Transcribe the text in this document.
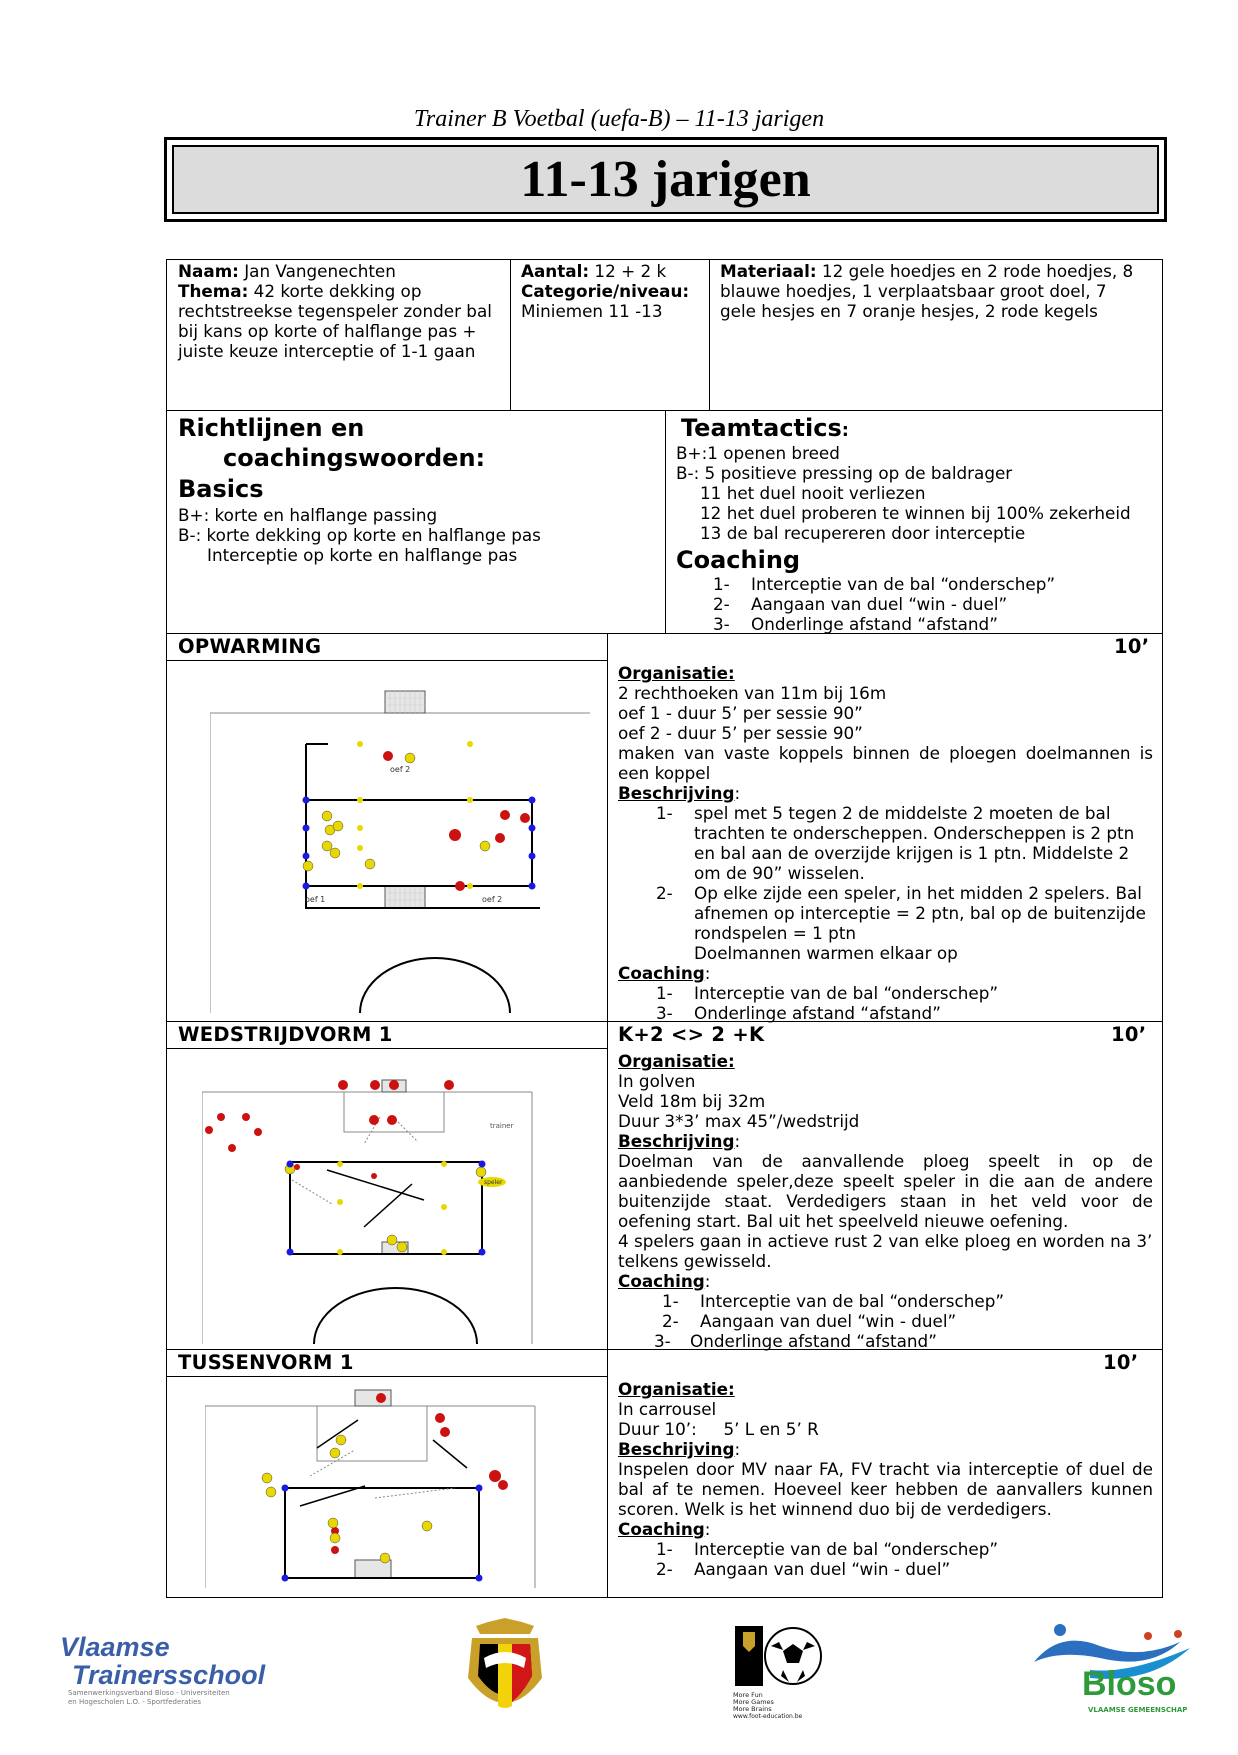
Trainer B Voetbal (uefa-B) – 11-13 jarigen
11-13 jarigen
Naam: Jan Vangenechten
Thema: 42 korte dekking op
rechtstreekse tegenspeler zonder bal
bij kans op korte of halflange pas +
juiste keuze interceptie of 1-1 gaan
Aantal: 12 + 2 k
Categorie/niveau:
Miniemen 11 -13
Materiaal: 12 gele hoedjes en 2 rode hoedjes, 8
blauwe hoedjes, 1 verplaatsbaar groot doel, 7
gele hesjes en 7 oranje hesjes, 2 rode kegels
Richtlijnen en
coachingswoorden:
Basics
B+: korte en halflange passing
B-: korte dekking op korte en halflange pas
Interceptie op korte en halflange pas
Teamtactics:
B+:1 openen breed
B-: 5 positieve pressing op de baldrager
11 het duel nooit verliezen
12 het duel proberen te winnen bij 100% zekerheid
13 de bal recupereren door interceptie
Coaching
1- Interceptie van de bal “onderschep”
2- Aangaan van duel “win - duel”
3- Onderlinge afstand “afstand”
OPWARMING	10’
Organisatie:
2 rechthoeken van 11m bij 16m
oef 1 - duur 5’ per sessie 90”
oef 2 - duur 5’ per sessie 90”
maken van vaste koppels binnen de ploegen doelmannen is een koppel
Beschrijving:
1- spel met 5 tegen 2 de middelste 2 moeten de bal
trachten te onderscheppen. Onderscheppen is 2 ptn
en bal aan de overzijde krijgen is 1 ptn. Middelste 2
om de 90” wisselen.
2- Op elke zijde een speler, in het midden 2 spelers. Bal
afnemen op interceptie = 2 ptn, bal op de buitenzijde
rondspelen = 1 ptn
Doelmannen warmen elkaar op
Coaching:
1- Interceptie van de bal “onderschep”
3- Onderlinge afstand “afstand”
oef 2
oef 1	oef 2
WEDSTRIJDVORM 1	K+2 <> 2 +K	10’
Organisatie:
In golven
Veld 18m bij 32m
Duur 3*3’ max 45”/wedstrijd
Beschrijving:
Doelman van de aanvallende ploeg speelt in op de aanbiedende speler,deze speelt speler in die aan de andere buitenzijde staat. Verdedigers staan in het veld voor de oefening start. Bal uit het speelveld nieuwe oefening.
4 spelers gaan in actieve rust 2 van elke ploeg en worden na 3’ telkens gewisseld.
Coaching:
1- Interceptie van de bal “onderschep”
2- Aangaan van duel “win - duel”
3- Onderlinge afstand “afstand”
trainer
speler
TUSSENVORM 1	10’
Organisatie:
In carrousel
Duur 10’:     5’ L en 5’ R
Beschrijving:
Inspelen door MV naar FA, FV tracht via interceptie of duel de bal af te nemen. Hoeveel keer hebben de aanvallers kunnen scoren. Welk is het winnend duo bij de verdedigers.
Coaching:
1- Interceptie van de bal “onderschep”
2- Aangaan van duel “win - duel”
Vlaamse
Trainersschool
Samenwerkingsverband Bloso - Universiteiten
en Hogescholen L.O. - Sportfederaties
More Fun
More Games
More Brains
www.foot-education.be
Bloso
VLAAMSE GEMEENSCHAP
